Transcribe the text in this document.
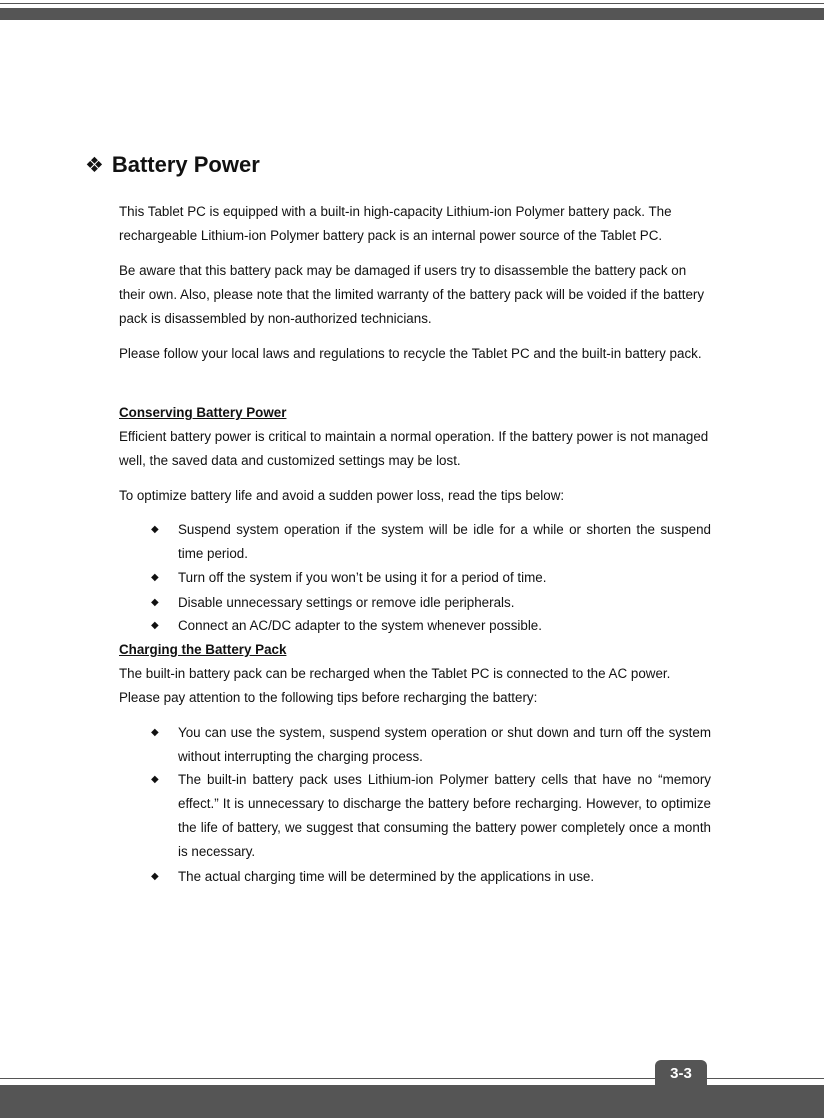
❖ Battery Power

This Tablet PC is equipped with a built-in high-capacity Lithium-ion Polymer battery pack. The rechargeable Lithium-ion Polymer battery pack is an internal power source of the Tablet PC.

Be aware that this battery pack may be damaged if users try to disassemble the battery pack on their own. Also, please note that the limited warranty of the battery pack will be voided if the battery pack is disassembled by non-authorized technicians.

Please follow your local laws and regulations to recycle the Tablet PC and the built-in battery pack.

Conserving Battery Power

Efficient battery power is critical to maintain a normal operation. If the battery power is not managed well, the saved data and customized settings may be lost.

To optimize battery life and avoid a sudden power loss, read the tips below:

◆ Suspend system operation if the system will be idle for a while or shorten the suspend time period.
◆ Turn off the system if you won’t be using it for a period of time.
◆ Disable unnecessary settings or remove idle peripherals.
◆ Connect an AC/DC adapter to the system whenever possible.

Charging the Battery Pack

The built-in battery pack can be recharged when the Tablet PC is connected to the AC power. Please pay attention to the following tips before recharging the battery:

◆ You can use the system, suspend system operation or shut down and turn off the system without interrupting the charging process.
◆ The built-in battery pack uses Lithium-ion Polymer battery cells that have no “memory effect.” It is unnecessary to discharge the battery before recharging. However, to optimize the life of battery, we suggest that consuming the battery power completely once a month is necessary.
◆ The actual charging time will be determined by the applications in use.
3-3
